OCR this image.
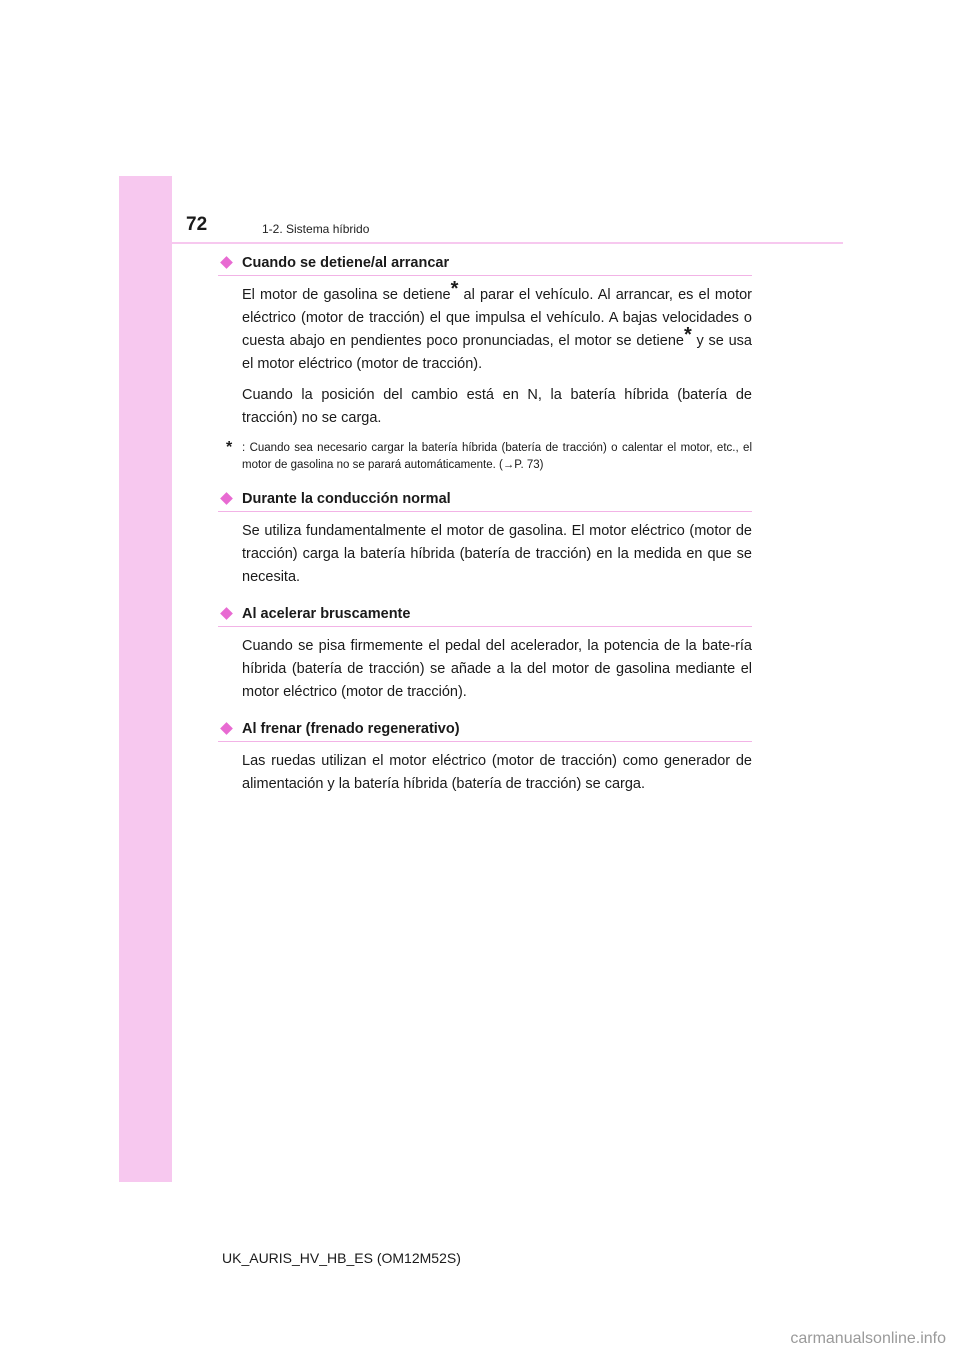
72	1-2. Sistema híbrido
Cuando se detiene/al arrancar
El motor de gasolina se detiene* al parar el vehículo. Al arrancar, es el motor eléctrico (motor de tracción) el que impulsa el vehículo. A bajas velocidades o cuesta abajo en pendientes poco pronunciadas, el motor se detiene* y se usa el motor eléctrico (motor de tracción).
Cuando la posición del cambio está en N, la batería híbrida (batería de tracción) no se carga.
* : Cuando sea necesario cargar la batería híbrida (batería de tracción) o calentar el motor, etc., el motor de gasolina no se parará automáticamente. (→P. 73)
Durante la conducción normal
Se utiliza fundamentalmente el motor de gasolina. El motor eléctrico (motor de tracción) carga la batería híbrida (batería de tracción) en la medida en que se necesita.
Al acelerar bruscamente
Cuando se pisa firmemente el pedal del acelerador, la potencia de la bate-ría híbrida (batería de tracción) se añade a la del motor de gasolina mediante el motor eléctrico (motor de tracción).
Al frenar (frenado regenerativo)
Las ruedas utilizan el motor eléctrico (motor de tracción) como generador de alimentación y la batería híbrida (batería de tracción) se carga.
UK_AURIS_HV_HB_ES (OM12M52S)
carmanualsonline.info
